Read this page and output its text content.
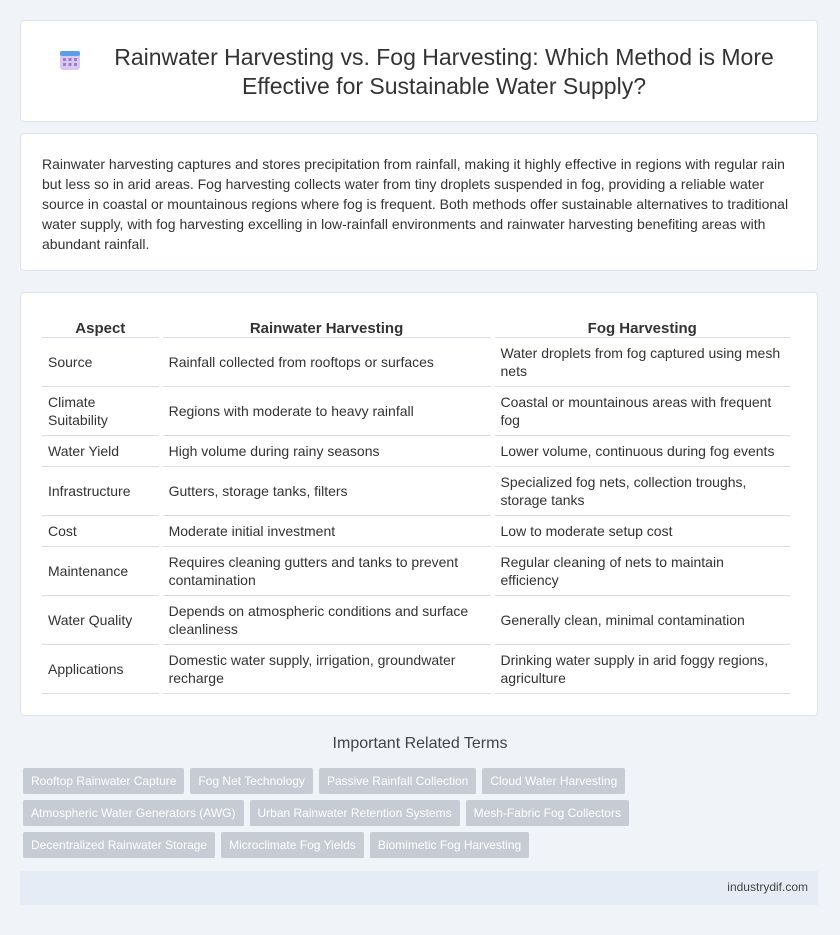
Rainwater Harvesting vs. Fog Harvesting: Which Method is More Effective for Sustainable Water Supply?

Rainwater harvesting captures and stores precipitation from rainfall, making it highly effective in regions with regular rain but less so in arid areas. Fog harvesting collects water from tiny droplets suspended in fog, providing a reliable water source in coastal or mountainous regions where fog is frequent. Both methods offer sustainable alternatives to traditional water supply, with fog harvesting excelling in low-rainfall environments and rainwater harvesting benefiting areas with abundant rainfall.

Aspect	Rainwater Harvesting	Fog Harvesting
Source	Rainfall collected from rooftops or surfaces	Water droplets from fog captured using mesh nets
Climate Suitability	Regions with moderate to heavy rainfall	Coastal or mountainous areas with frequent fog
Water Yield	High volume during rainy seasons	Lower volume, continuous during fog events
Infrastructure	Gutters, storage tanks, filters	Specialized fog nets, collection troughs, storage tanks
Cost	Moderate initial investment	Low to moderate setup cost
Maintenance	Requires cleaning gutters and tanks to prevent contamination	Regular cleaning of nets to maintain efficiency
Water Quality	Depends on atmospheric conditions and surface cleanliness	Generally clean, minimal contamination
Applications	Domestic water supply, irrigation, groundwater recharge	Drinking water supply in arid foggy regions, agriculture
Important Related Terms
Rooftop Rainwater Capture	Fog Net Technology	Passive Rainfall Collection	Cloud Water Harvesting
Atmospheric Water Generators (AWG)	Urban Rainwater Retention Systems	Mesh-Fabric Fog Collectors
Decentralized Rainwater Storage	Microclimate Fog Yields	Biomimetic Fog Harvesting
industrydif.com
